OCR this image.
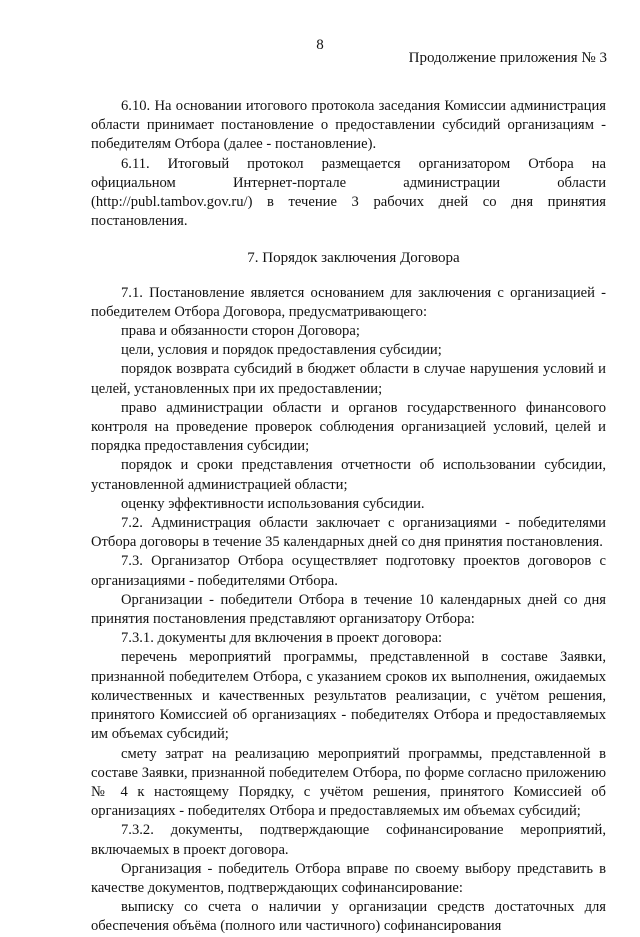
8
Продолжение приложения № 3

6.10. На основании итогового протокола заседания Комиссии администрация области принимает постановление о предоставлении субсидий организациям - победителям Отбора (далее - постановление).

6.11. Итоговый протокол размещается организатором Отбора на официальном Интернет-портале администрации области (http://publ.tambov.gov.ru/) в течение 3 рабочих дней со дня принятия постановления.

7. Порядок заключения Договора

7.1. Постановление является основанием для заключения с организацией - победителем Отбора Договора, предусматривающего:

права и обязанности сторон Договора;

цели, условия и порядок предоставления субсидии;

порядок возврата субсидий в бюджет области в случае нарушения условий и целей, установленных при их предоставлении;

право администрации области и органов государственного финансового контроля на проведение проверок соблюдения организацией условий, целей и порядка предоставления субсидии;

порядок и сроки представления отчетности об использовании субсидии, установленной администрацией области;

оценку эффективности использования субсидии.

7.2. Администрация области заключает с организациями - победителями Отбора договоры в течение 35 календарных дней со дня принятия постановления.

7.3. Организатор Отбора осуществляет подготовку проектов договоров с организациями - победителями Отбора.

Организации - победители Отбора в течение 10 календарных дней со дня принятия постановления представляют организатору Отбора:

7.3.1. документы для включения в проект договора:

перечень мероприятий программы, представленной в составе Заявки, признанной победителем Отбора, с указанием сроков их выполнения, ожидаемых количественных и качественных результатов реализации, с учётом решения, принятого Комиссией об организациях - победителях Отбора и предоставляемых им объемах субсидий;

смету затрат на реализацию мероприятий программы, представленной в составе Заявки, признанной победителем Отбора, по форме согласно приложению № 4 к настоящему Порядку, с учётом решения, принятого Комиссией об организациях - победителях Отбора и предоставляемых им объемах субсидий;

7.3.2. документы, подтверждающие софинансирование мероприятий, включаемых в проект договора.

Организация - победитель Отбора вправе по своему выбору представить в качестве документов, подтверждающих софинансирование:

выписку со счета о наличии у организации средств достаточных для обеспечения объёма (полного или частичного) софинансирования
